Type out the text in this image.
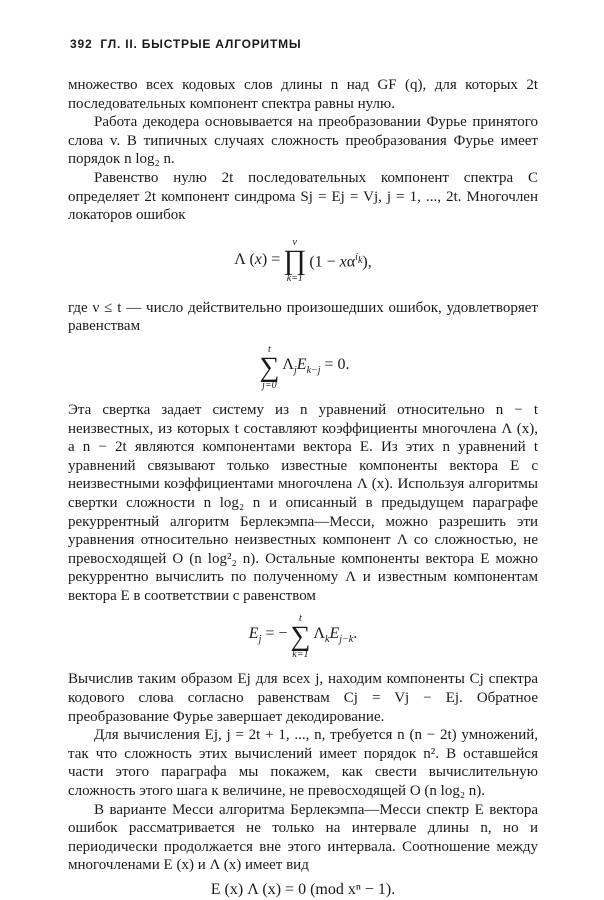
392 ГЛ. II. БЫСТРЫЕ АЛГОРИТМЫ

множество всех кодовых слов длины n над GF (q), для которых 2t последовательных компонент спектра равны нулю.

Работа декодера основывается на преобразовании Фурье принятого слова v. В типичных случаях сложность преобразования Фурье имеет порядок n log₂ n.

Равенство нулю 2t последовательных компонент спектра C определяет 2t компонент синдрома Sj = Ej = Vj, j = 1, ..., 2t. Многочлен локаторов ошибок

Λ (x) =
ν
∏
k=1
$(1 - x\alpha^{i_k})$,

где ν ≤ t — число действительно произошедших ошибок, удовлетворяет равенствам

t
∑
j=0
$\Lambda_jE_{k-j} = 0$.

Эта свертка задает систему из n уравнений относительно n − t неизвестных, из которых t составляют коэффициенты многочлена Λ (x), а n − 2t являются компонентами вектора E. Из этих n уравнений t уравнений связывают только известные компоненты вектора E с неизвестными коэффициентами многочлена Λ (x). Используя алгоритмы свертки сложности n log₂ n и описанный в предыдущем параграфе рекуррентный алгоритм Берлекэмпа—Месси, можно разрешить эти уравнения относительно неизвестных компонент Λ со сложностью, не превосходящей O (n log²₂ n). Остальные компоненты вектора E можно рекуррентно вычислить по полученному Λ и известным компонентам вектора E в соответствии с равенством

$E_j$ = −
t
∑
k=1
$\Lambda_kE_{j-k}$.

Вычислив таким образом Ej для всех j, находим компоненты Cj спектра кодового слова согласно равенствам Cj = Vj − Ej. Обратное преобразование Фурье завершает декодирование.

Для вычисления Ej, j = 2t + 1, ..., n, требуется n (n − 2t) умножений, так что сложность этих вычислений имеет порядок n². В оставшейся части этого параграфа мы покажем, как свести вычислительную сложность этого шага к величине, не превосходящей O (n log₂ n).

В варианте Месси алгоритма Берлекэмпа—Месси спектр E вектора ошибок рассматривается не только на интервале длины n, но и периодически продолжается вне этого интервала. Соотношение между многочленами E (x) и Λ (x) имеет вид

E (x) Λ (x) = 0 (mod xⁿ − 1).
